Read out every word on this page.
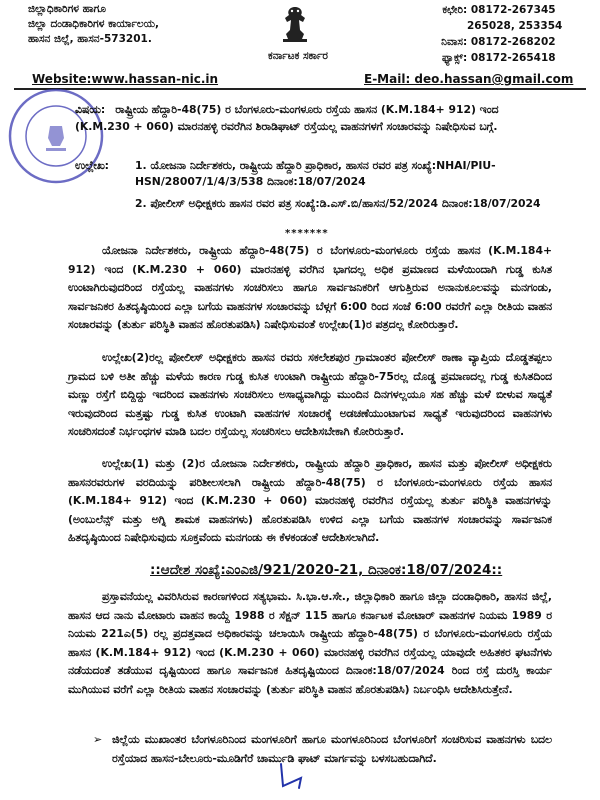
ಜಿಲ್ಲಾಧಿಕಾರಿಗಳ ಹಾಗೂ
ಜಿಲ್ಲಾ ದಂಡಾಧಿಕಾರಿಗಳ ಕಾರ್ಯಾಲಯ,
ಹಾಸನ ಜಿಲ್ಲೆ, ಹಾಸನ-573201.
ಕರ್ನಾಟಕ ಸರ್ಕಾರ
ಕಛೇರಿ: 08172-267345
265028, 253354
ನಿವಾಸ: 08172-268202
ಫ್ಯಾಕ್ಸ್: 08172-265418
Website:www.hassan-nic.in	E-Mail: deo.hassan@gmail.com
ವಿಷಯ: ರಾಷ್ಟ್ರೀಯ ಹೆದ್ದಾರಿ-48(75) ರ ಬೆಂಗಳೂರು-ಮಂಗಳೂರು ರಸ್ತೆಯ ಹಾಸನ (K.M.184+ 912) ಇಂದ (K.M.230 + 060) ಮಾರನಹಳ್ಳಿ ರವರೆಗಿನ ಶಿರಾಡಿಘಾಟ್ ರಸ್ತೆಯಲ್ಲ ವಾಹನಗಳಗೆ ಸಂಚಾರವನ್ನು ನಿಷೇಧಿಸುವ ಬಗ್ಗೆ.
ಉಲ್ಲೇಖ:	1. ಯೋಜನಾ ನಿರ್ದೇಶಕರು, ರಾಷ್ಟ್ರೀಯ ಹೆದ್ದಾರಿ ಪ್ರಾಧಿಕಾರ, ಹಾಸನ ರವರ ಪತ್ರ ಸಂಖ್ಯೆ:NHAI/PIU-HSN/28007/1/4/3/538 ದಿನಾಂಕ:18/07/2024
2. ಪೋಲೀಸ್ ಅಧೀಕ್ಷಕರು ಹಾಸನ ರವರ ಪತ್ರ ಸಂಖ್ಯೆ:ಡಿ.ಎಸ್.ಬಿ/ಹಾಸನ/52/2024 ದಿನಾಂಕ:18/07/2024
*******
ಯೋಜನಾ ನಿರ್ದೇಶಕರು, ರಾಷ್ಟ್ರೀಯ ಹೆದ್ದಾರಿ-48(75) ರ ಬೆಂಗಳೂರು-ಮಂಗಳೂರು ರಸ್ತೆಯ ಹಾಸನ (K.M.184+ 912) ಇಂದ (K.M.230 + 060) ಮಾರನಹಳ್ಳಿ ವರೆಗಿನ ಭಾಗದಲ್ಲ ಅಧಿಕ ಪ್ರಮಾಣದ ಮಳೆಯಿಂದಾಗಿ ಗುಡ್ಡ ಕುಸಿತ ಉಂಟಾಗಿರುವುದರಿಂದ ರಸ್ತೆಯಲ್ಲ ವಾಹನಗಳು ಸಂಚರಿಸಲು ಹಾಗೂ ಸಾರ್ವಜನಿಕರಿಗೆ ಆಗುತ್ತಿರುವ ಅನಾನುಕೂಲವನ್ನು ಮನಗಂಡು, ಸಾರ್ವಜನಿಕರ ಹಿತದೃಷ್ಠಿಯಿಂದ ಎಲ್ಲಾ ಬಗೆಯ ವಾಹನಗಳ ಸಂಚಾರವನ್ನು ಬೆಳ್ಗಗೆ 6:00 ರಿಂದ ಸಂಜೆ 6:00 ರವರೆಗೆ ಎಲ್ಲಾ ರೀತಿಯ ವಾಹನ ಸಂಚಾರವನ್ನು (ತುರ್ತು ಪರಿಸ್ಥಿತಿ ವಾಹನ ಹೊರತುಪಡಿಸಿ) ನಿಷೇಧಿಸುವಂತೆ ಉಲ್ಲೇಖ(1)ರ ಪತ್ರದಲ್ಲ ಕೋರಿರುತ್ತಾರೆ.
ಉಲ್ಲೇಖ(2)ರಲ್ಲ ಪೋಲೀಸ್ ಅಧೀಕ್ಷಕರು ಹಾಸನ ರವರು ಸಕಲೇಶಪುರ ಗ್ರಾಮಾಂತರ ಪೋಲೀಸ್ ಠಾಣಾ ವ್ಯಾಪ್ತಿಯ ದೊಡ್ಡತಪ್ಪಲು ಗ್ರಾಮದ ಬಳಿ ಅತೀ ಹೆಚ್ಚು ಮಳೆಯ ಕಾರಣ ಗುಡ್ಡ ಕುಸಿತ ಉಂಟಾಗಿ ರಾಷ್ಟ್ರೀಯ ಹೆದ್ದಾರಿ-75ರಲ್ಲ ದೊಡ್ಡ ಪ್ರಮಾಣದಲ್ಲ ಗುಡ್ಡ ಕುಸಿತದಿಂದ ಮಣ್ಣು ರಸ್ತೆಗೆ ಬಿದ್ದಿದ್ದು ಇದರಿಂದ ವಾಹನಗಳು ಸಂಚರಿಸಲು ಅಸಾಧ್ಯವಾಗಿದ್ದು ಮುಂದಿನ ದಿನಗಳಲ್ಲಯೂ ಸಹ ಹೆಚ್ಚು ಮಳೆ ಬೀಳುವ ಸಾಧ್ಯತೆ ಇರುವುದರಿಂದ ಮತ್ತಷ್ಟು ಗುಡ್ಡ ಕುಸಿತ ಉಂಟಾಗಿ ವಾಹನಗಳ ಸಂಚಾರಕ್ಕೆ ಅಡಚಣೆಯುಂಟಾಗುವ ಸಾಧ್ಯತೆ ಇರುವುದರಿಂದ ವಾಹನಗಳು ಸಂಚರಿಸದಂತೆ ನಿರ್ಭಂಧಗಳ ಮಾಡಿ ಬದಲ ರಸ್ತೆಯಲ್ಲ ಸಂಚರಿಸಲು ಆದೇಶಿಸಬೇಕಾಗಿ ಕೋರಿರುತ್ತಾರೆ.
ಉಲ್ಲೇಖ(1) ಮತ್ತು (2)ರ ಯೋಜನಾ ನಿರ್ದೇಶಕರು, ರಾಷ್ಟ್ರೀಯ ಹೆದ್ದಾರಿ ಪ್ರಾಧಿಕಾರ, ಹಾಸನ ಮತ್ತು ಪೋಲೀಸ್ ಅಧೀಕ್ಷಕರು ಹಾಸನರವರುಗಳ ವರದಿಯನ್ನು ಪರಿಶೀಲಸಲಾಗಿ ರಾಷ್ಟ್ರೀಯ ಹೆದ್ದಾರಿ-48(75) ರ ಬೆಂಗಳೂರು-ಮಂಗಳೂರು ರಸ್ತೆಯ ಹಾಸನ (K.M.184+ 912) ಇಂದ (K.M.230 + 060) ಮಾರನಹಳ್ಳಿ ರವರೆಗಿನ ರಸ್ತೆಯಲ್ಲ ತುರ್ತು ಪರಿಸ್ಥಿತಿ ವಾಹನಗಳನ್ನು (ಅಂಬುಲೆನ್ಸ್ ಮತ್ತು ಅಗ್ನಿ ಶಾಮಕ ವಾಹನಗಳು) ಹೊರತುಪಡಿಸಿ ಉಳಿದ ಎಲ್ಲಾ ಬಗೆಯ ವಾಹನಗಳ ಸಂಚಾರವನ್ನು ಸಾರ್ವಜನಿಕ ಹಿತದೃಷ್ಠಿಯಿಂದ ನಿಷೇಧಿಸುವುದು ಸೂಕ್ತವೆಂದು ಮನಗಂಡು ಈ ಕೆಳಕಂಡಂತೆ ಆದೇಶಿಸಲಾಗಿದೆ.
::ಆದೇಶ ಸಂಖ್ಯೆ:ಎಂಎಜಿ/921/2020-21, ದಿನಾಂಕ:18/07/2024::
ಪ್ರಸ್ತಾವನೆಯಲ್ಲ ವಿವರಿಸಿರುವ ಕಾರಣಗಳಿಂದ ಸತ್ಯಭಾಮ. ಸಿ.ಭಾ.ಆ.ಸೇ., ಜಿಲ್ಲಾಧಿಕಾರಿ ಹಾಗೂ ಜಿಲ್ಲಾ ದಂಡಾಧಿಕಾರಿ, ಹಾಸನ ಜಿಲ್ಲೆ, ಹಾಸನ ಆದ ನಾನು ಮೋಟಾರು ವಾಹನ ಕಾಯ್ದೆ 1988 ರ ಸೆಕ್ಷನ್ 115 ಹಾಗೂ ಕರ್ನಾಟಕ ಮೋಟಾರ್ ವಾಹನಗಳ ನಿಯಮ 1989 ರ ನಿಯಮ 221ಎ(5) ರಲ್ಲ ಪ್ರದತ್ತವಾದ ಅಧಿಕಾರವನ್ನು ಚಲಾಯಿಸಿ ರಾಷ್ಟ್ರೀಯ ಹೆದ್ದಾರಿ-48(75) ರ ಬೆಂಗಳೂರು-ಮಂಗಳೂರು ರಸ್ತೆಯ ಹಾಸನ (K.M.184+ 912) ಇಂದ (K.M.230 + 060) ಮಾರನಹಳ್ಳಿ ರವರೆಗಿನ ರಸ್ತೆಯಲ್ಲ ಯಾವುದೇ ಅಹಿತಕರ ಘಟನೆಗಳು ನಡೆಯದಂತೆ ತಡೆಯುವ ದೃಷ್ಟಿಯಿಂದ ಹಾಗೂ ಸಾರ್ವಜನಿಕ ಹಿತದೃಷ್ಟಿಯಿಂದ ದಿನಾಂಕ:18/07/2024 ರಿಂದ ರಸ್ತೆ ದುರಸ್ತಿ ಕಾರ್ಯ ಮುಗಿಯುವ ವರೆಗೆ ಎಲ್ಲಾ ರೀತಿಯ ವಾಹನ ಸಂಚಾರವನ್ನು (ತುರ್ತು ಪರಿಸ್ಥಿತಿ ವಾಹನ ಹೊರತುಪಡಿಸಿ) ನಿರ್ಬಂಧಿಸಿ ಆದೇಶಿಸಿರುತ್ತೇನೆ.
➢ ಜಿಲ್ಲೆಯ ಮುಖಾಂತರ ಬೆಂಗಳೂರಿನಿಂದ ಮಂಗಳೂರಿಗೆ ಹಾಗೂ ಮಂಗಳೂರಿನಿಂದ ಬೆಂಗಳೂರಿಗೆ ಸಂಚರಿಸುವ ವಾಹನಗಳು ಬದಲ ರಸ್ತೆಯಾದ ಹಾಸನ-ಬೇಲೂರು-ಮೂಡಿಗೆರೆ ಚಾರ್ಮುಡಿ ಘಾಟ್ ಮಾರ್ಗವನ್ನು ಬಳಸಬಹುದಾಗಿದೆ.
